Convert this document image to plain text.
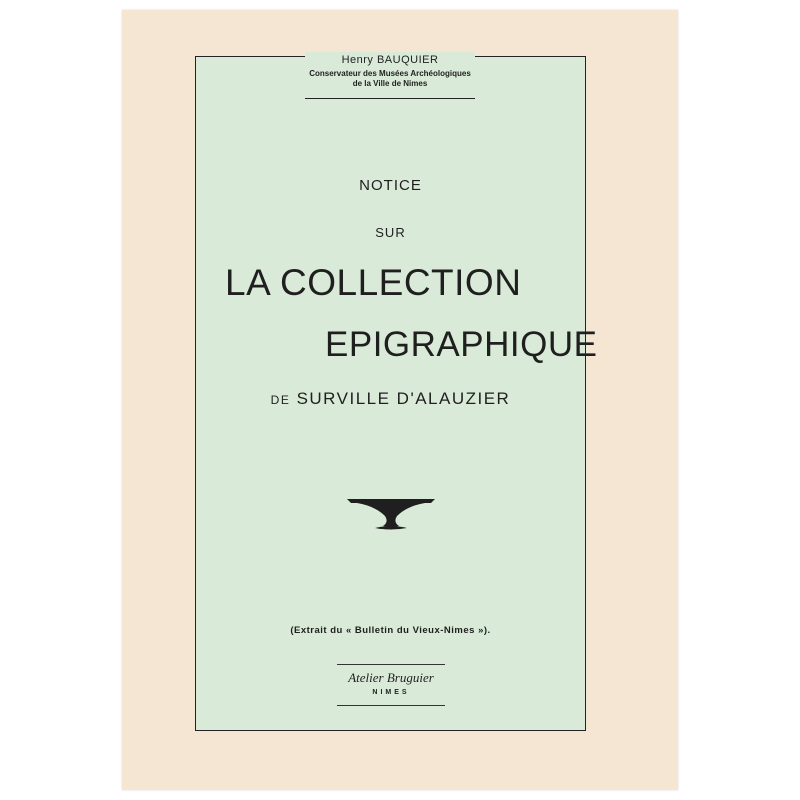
Henry BAUQUIER
Conservateur des Musées Archéologiques
de la Ville de Nimes
NOTICE
SUR
LA COLLECTION
EPIGRAPHIQUE
DE SURVILLE D'ALAUZIER
(Extrait du « Bulletin du Vieux-Nimes »).
Atelier Bruguier
NIMES
